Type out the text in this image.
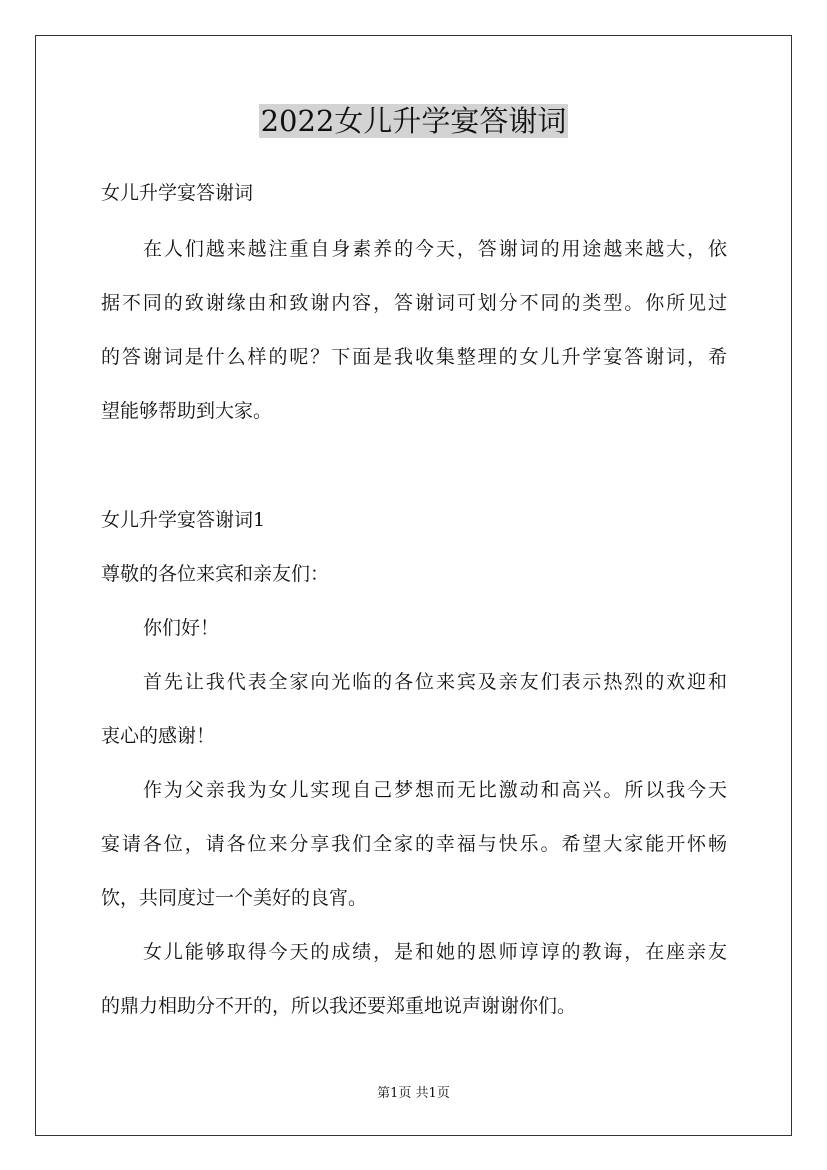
2022女儿升学宴答谢词
女儿升学宴答谢词
在人们越来越注重自身素养的今天，答谢词的用途越来越大，依
据不同的致谢缘由和致谢内容，答谢词可划分不同的类型。你所见过
的答谢词是什么样的呢？下面是我收集整理的女儿升学宴答谢词，希
望能够帮助到大家。
女儿升学宴答谢词1
尊敬的各位来宾和亲友们：
你们好！
首先让我代表全家向光临的各位来宾及亲友们表示热烈的欢迎和
衷心的感谢！
作为父亲我为女儿实现自己梦想而无比激动和高兴。所以我今天
宴请各位，请各位来分享我们全家的幸福与快乐。希望大家能开怀畅
饮，共同度过一个美好的良宵。
女儿能够取得今天的成绩，是和她的恩师谆谆的教诲，在座亲友
的鼎力相助分不开的，所以我还要郑重地说声谢谢你们。
第1页 共1页
